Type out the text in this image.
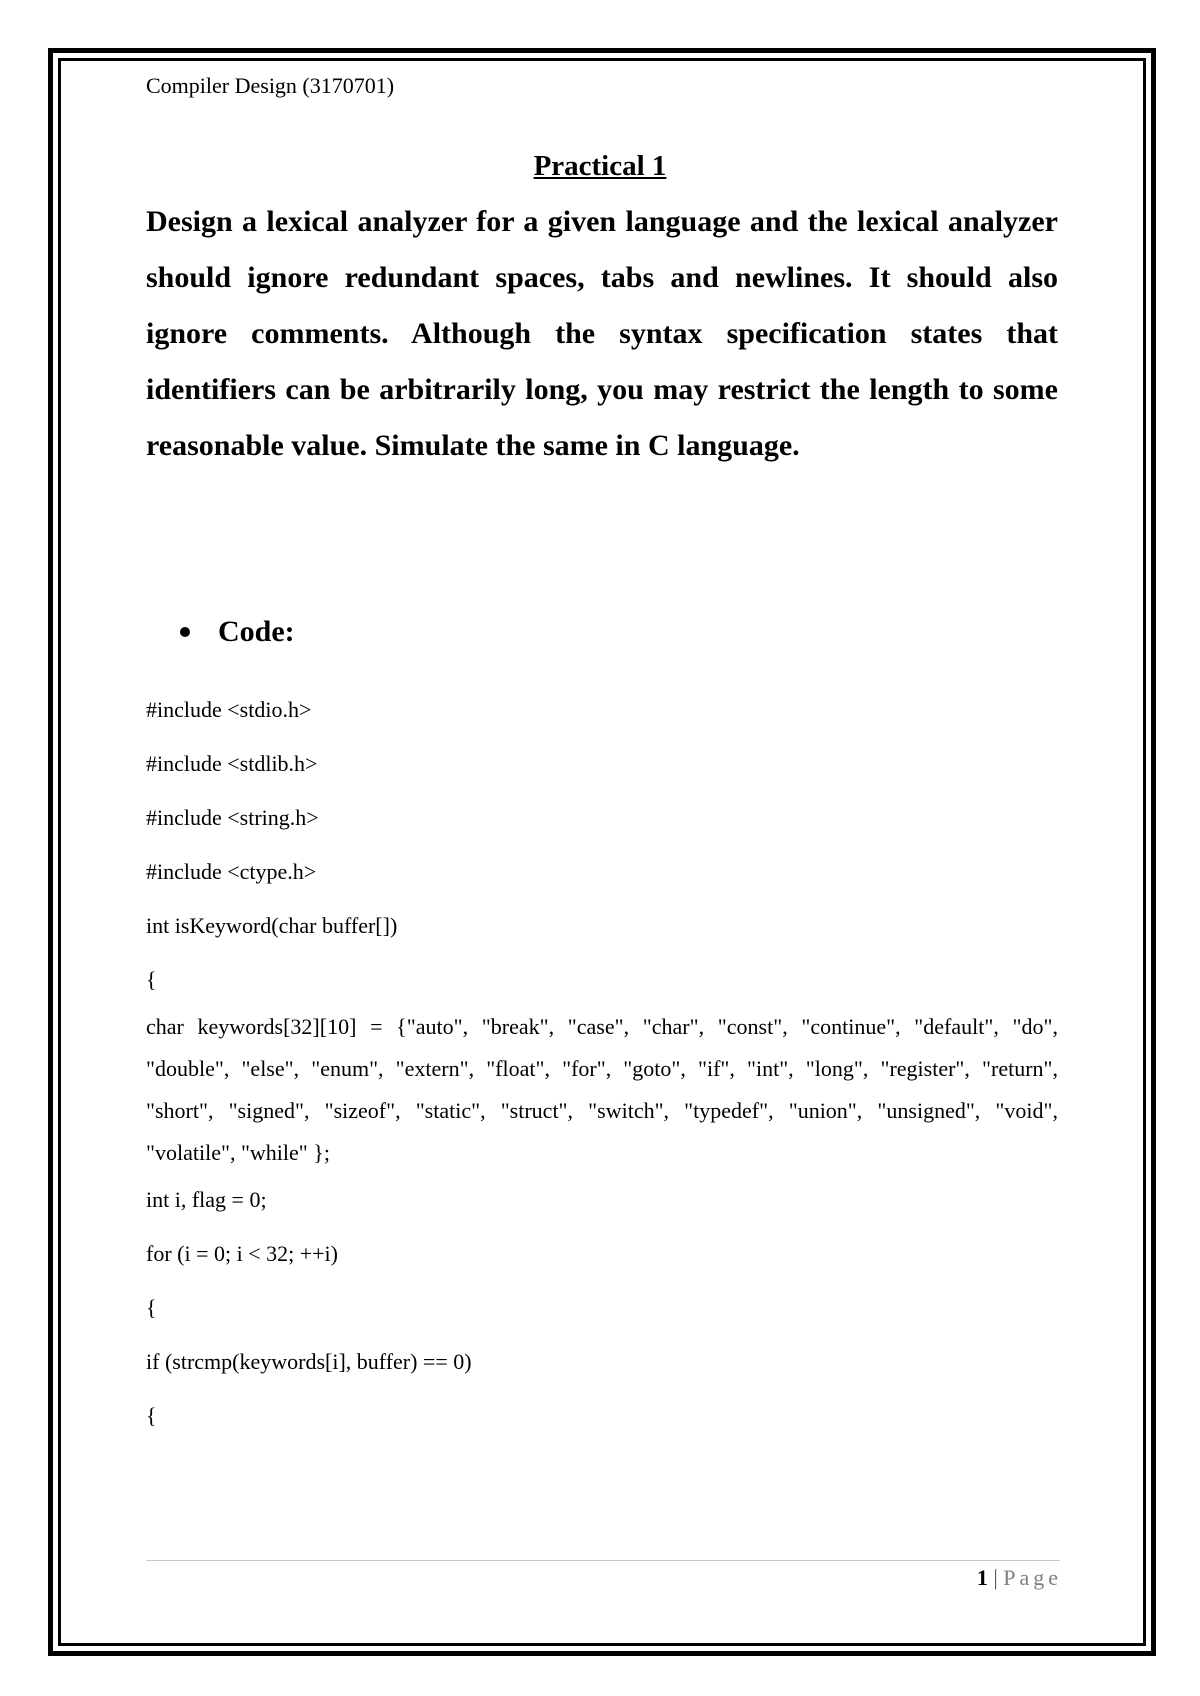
Compiler Design (3170701)
Practical 1

Design a lexical analyzer for a given language and the lexical analyzer should ignore redundant spaces, tabs and newlines. It should also ignore comments. Although the syntax specification states that identifiers can be arbitrarily long, you may restrict the length to some reasonable value. Simulate the same in C language.

Code:
#include <stdio.h>
#include <stdlib.h>
#include <string.h>
#include <ctype.h>
int isKeyword(char buffer[])
{

char keywords[32][10] = {"auto", "break", "case", "char", "const", "continue", "default", "do", "double", "else", "enum", "extern", "float", "for", "goto", "if", "int", "long", "register", "return", "short", "signed", "sizeof", "static", "struct", "switch", "typedef", "union", "unsigned", "void", "volatile", "while" };

int i, flag = 0;
for (i = 0; i < 32; ++i)
{
if (strcmp(keywords[i], buffer) == 0)
{
1 | Page
